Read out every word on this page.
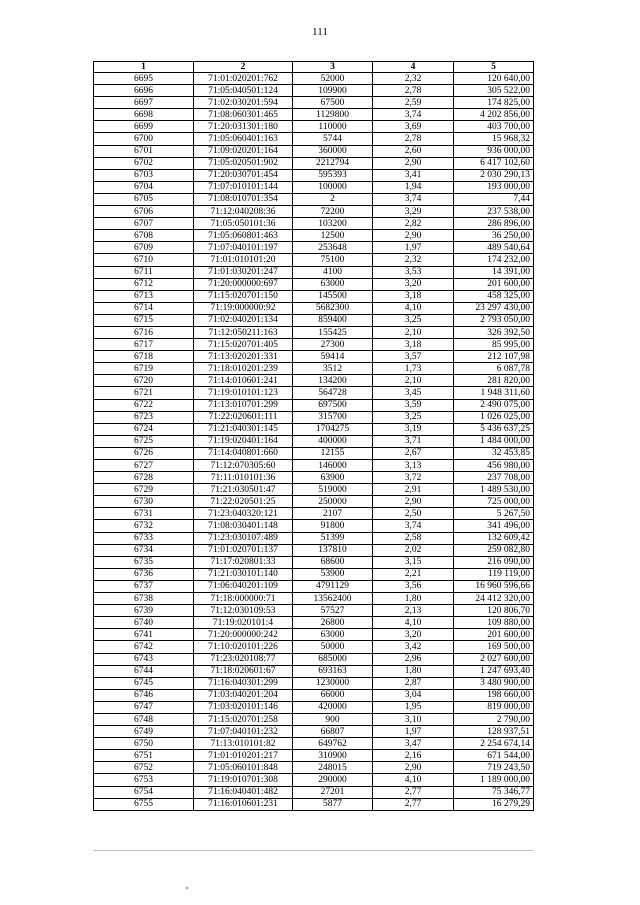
111
1	2	3	4	5
6695	71:01:020201:762	52000	2,32	120 640,00
6696	71:05:040501:124	109900	2,78	305 522,00
6697	71:02:030201:594	67500	2,59	174 825,00
6698	71:08:060301:465	1129800	3,74	4 202 856,00
6699	71:20:031301:180	110000	3,69	403 700,00
6700	71:05:060401:163	5744	2,78	15 968,32
6701	71:09:020201:164	360000	2,60	936 000,00
6702	71:05:020501:902	2212794	2,90	6 417 102,60
6703	71:20:030701:454	595393	3,41	2 030 290,13
6704	71:07:010101:144	100000	1,94	193 000,00
6705	71:08:010701:354	2	3,74	7,44
6706	71:12:040208:36	72200	3,29	237 538,00
6707	71:05:050101:36	103200	2,82	286 896,00
6708	71:05:060801:463	12500	2,90	36 250,00
6709	71:07:040101:197	253648	1,97	489 540,64
6710	71:01:010101:20	75100	2,32	174 232,00
6711	71:01:030201:247	4100	3,53	14 391,00
6712	71:20:000000:697	63000	3,20	201 600,00
6713	71:15:020701:150	145500	3,18	458 325,00
6714	71:19:000000:92	5682300	4,10	23 297 430,00
6715	71:02:040201:134	859400	3,25	2 793 050,00
6716	71:12:050211:163	155425	2,10	326 392,50
6717	71:15:020701:405	27300	3,18	85 995,00
6718	71:13:020201:331	59414	3,57	212 107,98
6719	71:18:010201:239	3512	1,73	6 087,78
6720	71:14:010601:241	134200	2,10	281 820,00
6721	71:19:010101:123	564728	3,45	1 948 311,60
6722	71:13:010701:299	697500	3,59	2 490 075,00
6723	71:22:020601:111	315700	3,25	1 026 025,00
6724	71:21:040301:145	1704275	3,19	5 436 637,25
6725	71:19:020401:164	400000	3,71	1 484 000,00
6726	71:14:040801:660	12155	2,67	32 453,85
6727	71:12:070305:60	146000	3,13	456 980,00
6728	71:11:010101:36	63900	3,72	237 708,00
6729	71:21:030501:47	519000	2,91	1 489 530,00
6730	71:22:020501:25	250000	2,90	725 000,00
6731	71:23:040320:121	2107	2,50	5 267,50
6732	71:08:030401:148	91800	3,74	341 496,00
6733	71:23:030107:489	51399	2,58	132 609,42
6734	71:01:020701:137	137810	2,02	259 082,80
6735	71:17:020801:33	68600	3,15	216 090,00
6736	71:21:030101:140	53900	2,21	119 119,00
6737	71:06:040201:109	4791129	3,56	16 960 596,66
6738	71:18:000000:71	13562400	1,80	24 412 320,00
6739	71:12:030109:53	57527	2,13	120 806,70
6740	71:19:020101:4	26800	4,10	109 880,00
6741	71:20:000000:242	63000	3,20	201 600,00
6742	71:10:020101:226	50000	3,42	169 500,00
6743	71:23:020108:77	685000	2,96	2 027 600,00
6744	71:18:020601:67	693163	1,80	1 247 693,40
6745	71:16:040301:299	1230000	2,87	3 480 900,00
6746	71:03:040201:204	66000	3,04	198 660,00
6747	71:03:020101:146	420000	1,95	819 000,00
6748	71:15:020701:258	900	3,10	2 790,00
6749	71:07:040101:232	66807	1,97	128 937,51
6750	71:13:010101:82	649762	3,47	2 254 674,14
6751	71:01:010201:217	310900	2,16	671 544,00
6752	71:05:060101:848	248015	2,90	719 243,50
6753	71:19:010701:308	290000	4,10	1 189 000,00
6754	71:16:040401:482	27201	2,77	75 346,77
6755	71:16:010601:231	5877	2,77	16 279,29
